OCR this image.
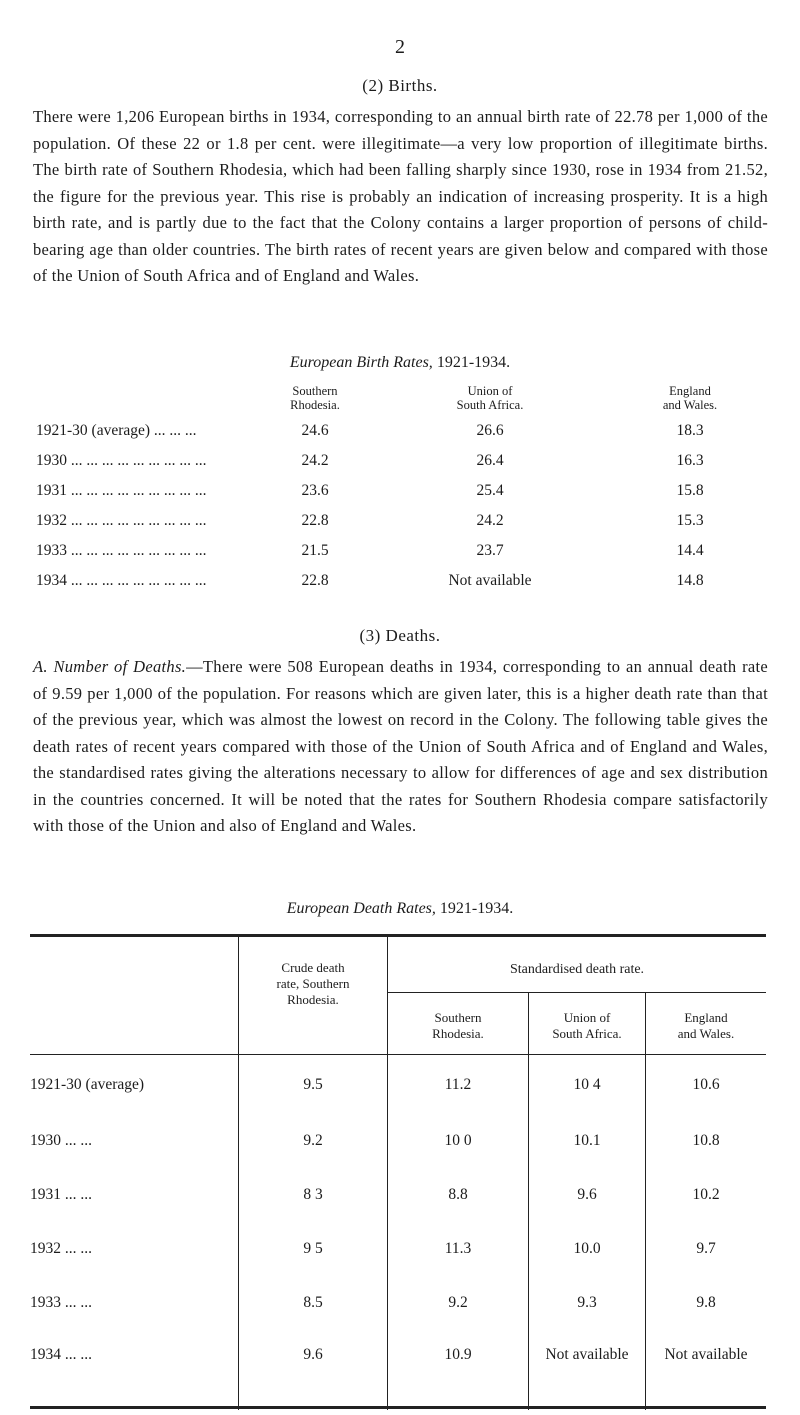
2
(2) Births.
There were 1,206 European births in 1934, corresponding to an annual birth rate of 22.78 per 1,000 of the population. Of these 22 or 1.8 per cent. were illegitimate—a very low proportion of illegitimate births. The birth rate of Southern Rhodesia, which had been falling sharply since 1930, rose in 1934 from 21.52, the figure for the previous year. This rise is probably an indication of increasing prosperity. It is a high birth rate, and is partly due to the fact that the Colony contains a larger proportion of persons of child-bearing age than older countries. The birth rates of recent years are given below and compared with those of the Union of South Africa and of England and Wales.
European Birth Rates, 1921-1934.
Southern
Rhodesia.
Union of
South Africa.
England
and Wales.
1921-30 (average) ... ... ...	24.6	26.6	18.3
1930 ... ... ... ... ... ... ... ... ...	24.2	26.4	16.3
1931 ... ... ... ... ... ... ... ... ...	23.6	25.4	15.8
1932 ... ... ... ... ... ... ... ... ...	22.8	24.2	15.3
1933 ... ... ... ... ... ... ... ... ...	21.5	23.7	14.4
1934 ... ... ... ... ... ... ... ... ...	22.8	Not available	14.8
(3) Deaths.
A. Number of Deaths.—There were 508 European deaths in 1934, corresponding to an annual death rate of 9.59 per 1,000 of the population. For reasons which are given later, this is a higher death rate than that of the previous year, which was almost the lowest on record in the Colony. The following table gives the death rates of recent years compared with those of the Union of South Africa and of England and Wales, the standardised rates giving the alterations necessary to allow for differences of age and sex distribution in the countries concerned. It will be noted that the rates for Southern Rhodesia compare satisfactorily with those of the Union and also of England and Wales.
European Death Rates, 1921-1934.
Crude death
rate, Southern
Rhodesia.
Standardised death rate.
Southern
Rhodesia.
Union of
South Africa.
England
and Wales.
1921-30 (average)	9.5	11.2	10 4	10.6
1930 ... ...	9.2	10 0	10.1	10.8
1931 ... ...	8 3	8.8	9.6	10.2
1932 ... ...	9 5	11.3	10.0	9.7
1933 ... ...	8.5	9.2	9.3	9.8
1934 ... ...	9.6	10.9	Not available	Not available
